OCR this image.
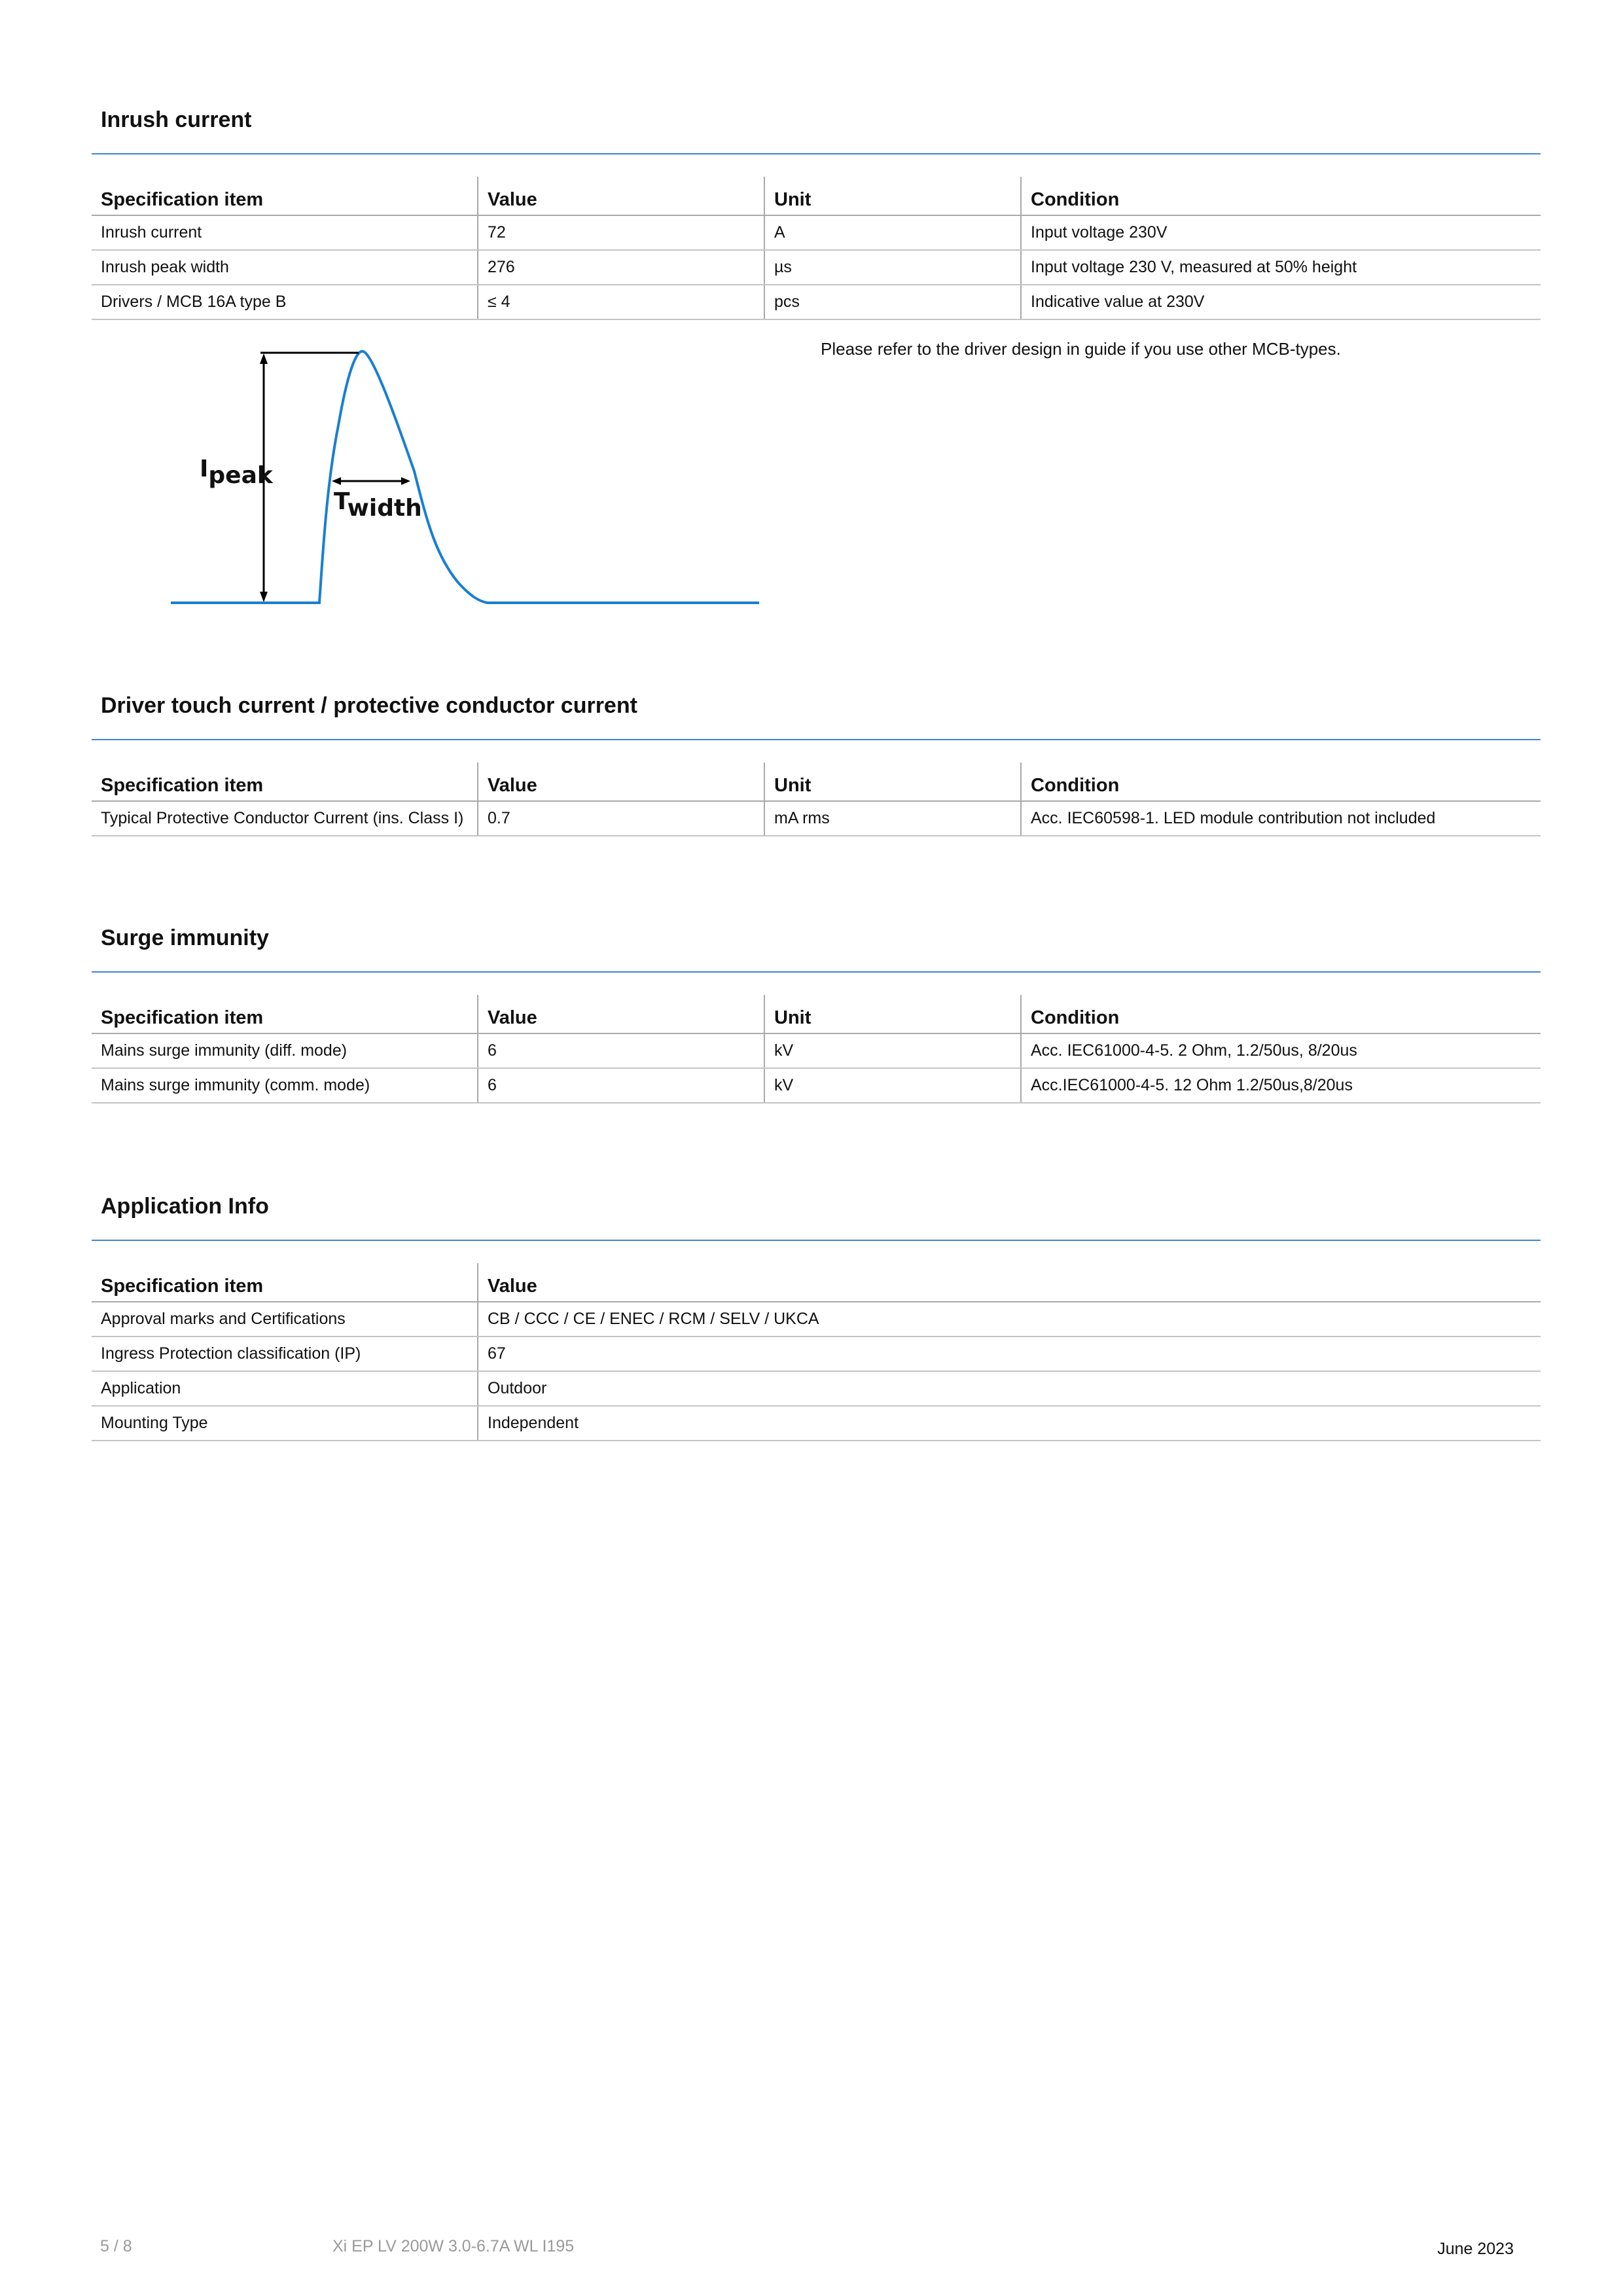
Inrush current
Specification item	Value	Unit	Condition
Inrush current	72	A	Input voltage 230V
Inrush peak width	276	µs	Input voltage 230 V, measured at 50% height
Drivers / MCB 16A type B	≤ 4	pcs	Indicative value at 230V
Ipeak
Twidth
Please refer to the driver design in guide if you use other MCB-types.
Driver touch current / protective conductor current
Specification item	Value	Unit	Condition
Typical Protective Conductor Current (ins. Class I)	0.7	mA rms	Acc. IEC60598-1. LED module contribution not included
Surge immunity
Specification item	Value	Unit	Condition
Mains surge immunity (diff. mode)	6	kV	Acc. IEC61000-4-5. 2 Ohm, 1.2/50us, 8/20us
Mains surge immunity (comm. mode)	6	kV	Acc.IEC61000-4-5. 12 Ohm 1.2/50us,8/20us
Application Info
Specification item	Value
Approval marks and Certifications	CB / CCC / CE / ENEC / RCM / SELV / UKCA
Ingress Protection classification (IP)	67
Application	Outdoor
Mounting Type	Independent
5 / 8	Xi EP LV 200W 3.0-6.7A WL I195	June 2023
